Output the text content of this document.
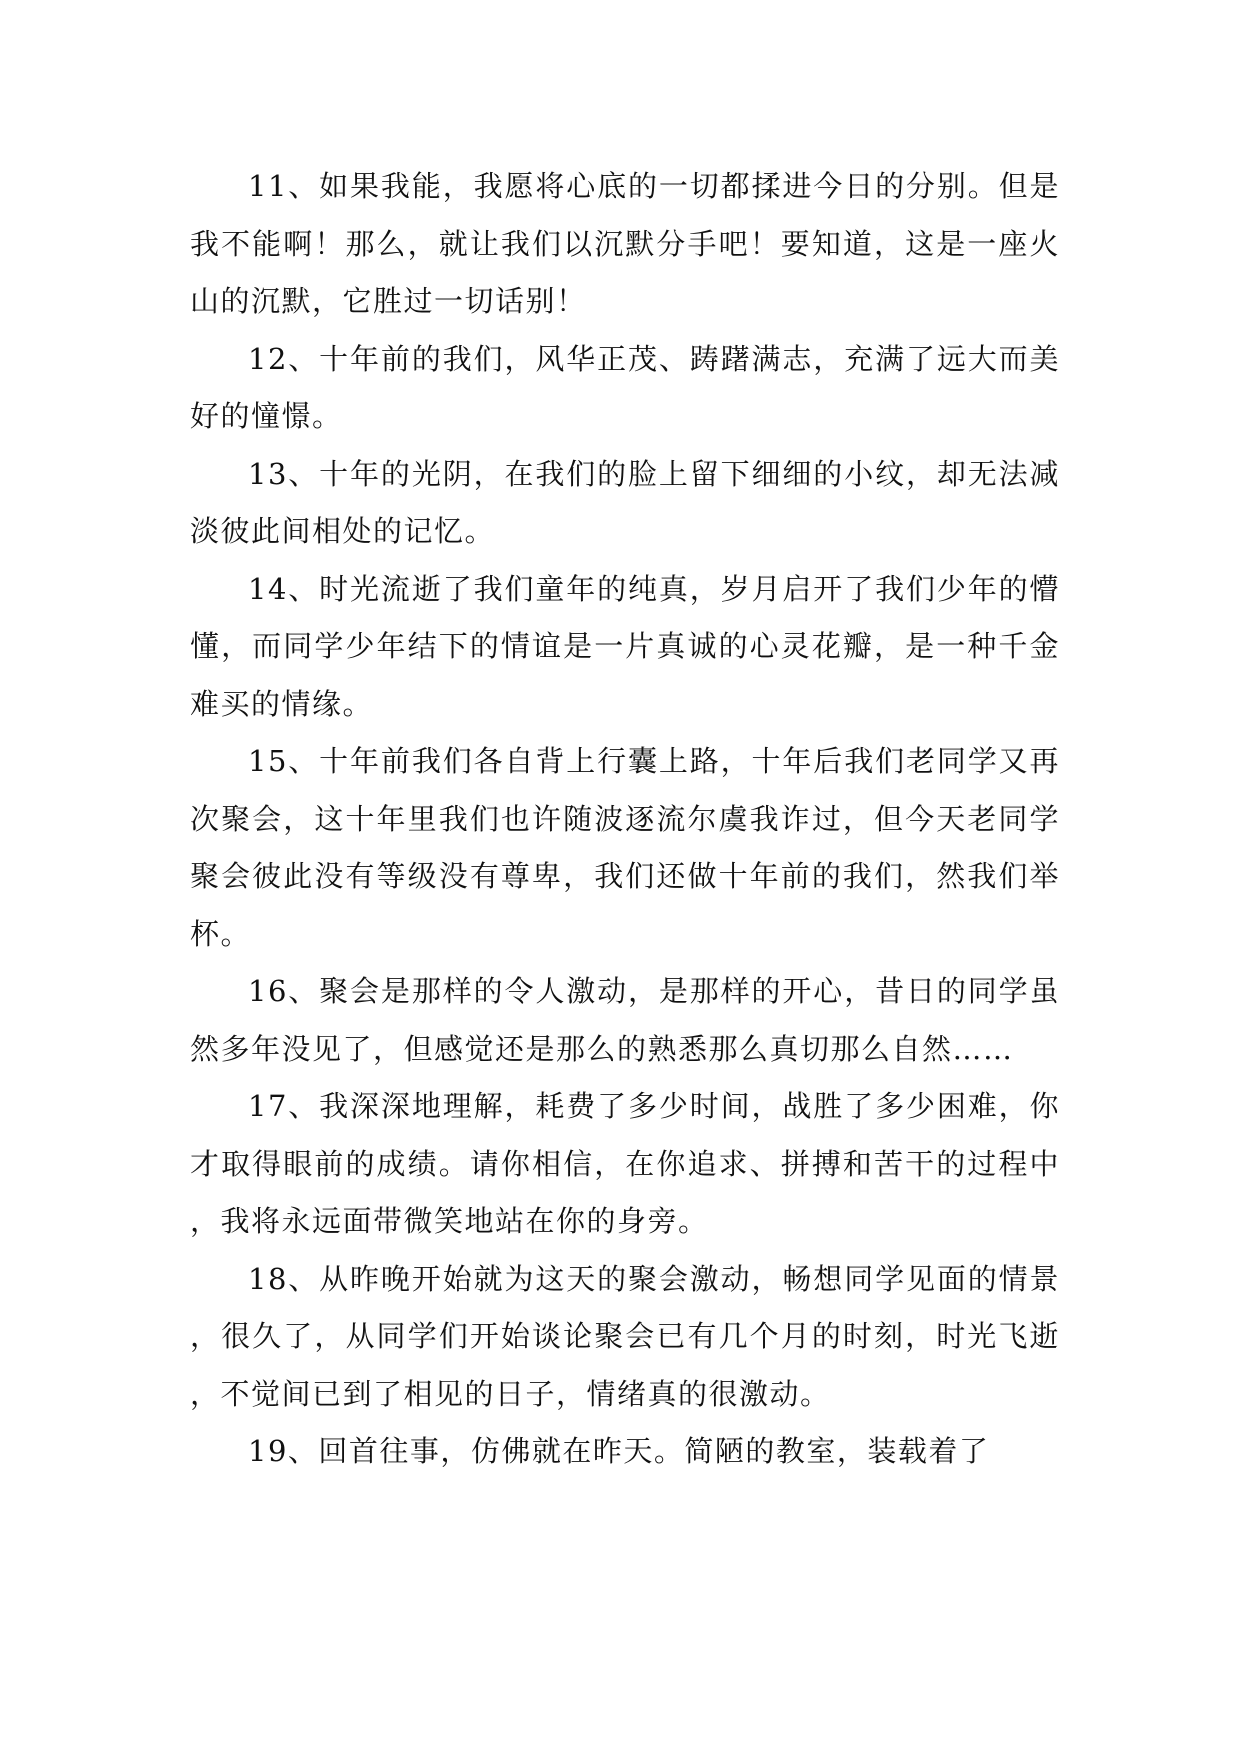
11、如果我能，我愿将心底的一切都揉进今日的分别。但是我不能啊！那么，就让我们以沉默分手吧！要知道，这是一座火山的沉默，它胜过一切话别！

12、十年前的我们，风华正茂、踌躇满志，充满了远大而美好的憧憬。

13、十年的光阴，在我们的脸上留下细细的小纹，却无法减淡彼此间相处的记忆。

14、时光流逝了我们童年的纯真，岁月启开了我们少年的懵懂，而同学少年结下的情谊是一片真诚的心灵花瓣，是一种千金难买的情缘。

15、十年前我们各自背上行囊上路，十年后我们老同学又再次聚会，这十年里我们也许随波逐流尔虞我诈过，但今天老同学聚会彼此没有等级没有尊卑，我们还做十年前的我们，然我们举杯。

16、聚会是那样的令人激动，是那样的开心，昔日的同学虽然多年没见了，但感觉还是那么的熟悉那么真切那么自然……

17、我深深地理解，耗费了多少时间，战胜了多少困难，你才取得眼前的成绩。请你相信，在你追求、拼搏和苦干的过程中，我将永远面带微笑地站在你的身旁。

18、从昨晚开始就为这天的聚会激动，畅想同学见面的情景，很久了，从同学们开始谈论聚会已有几个月的时刻，时光飞逝，不觉间已到了相见的日子，情绪真的很激动。

19、回首往事，仿佛就在昨天。简陋的教室，装载着了
